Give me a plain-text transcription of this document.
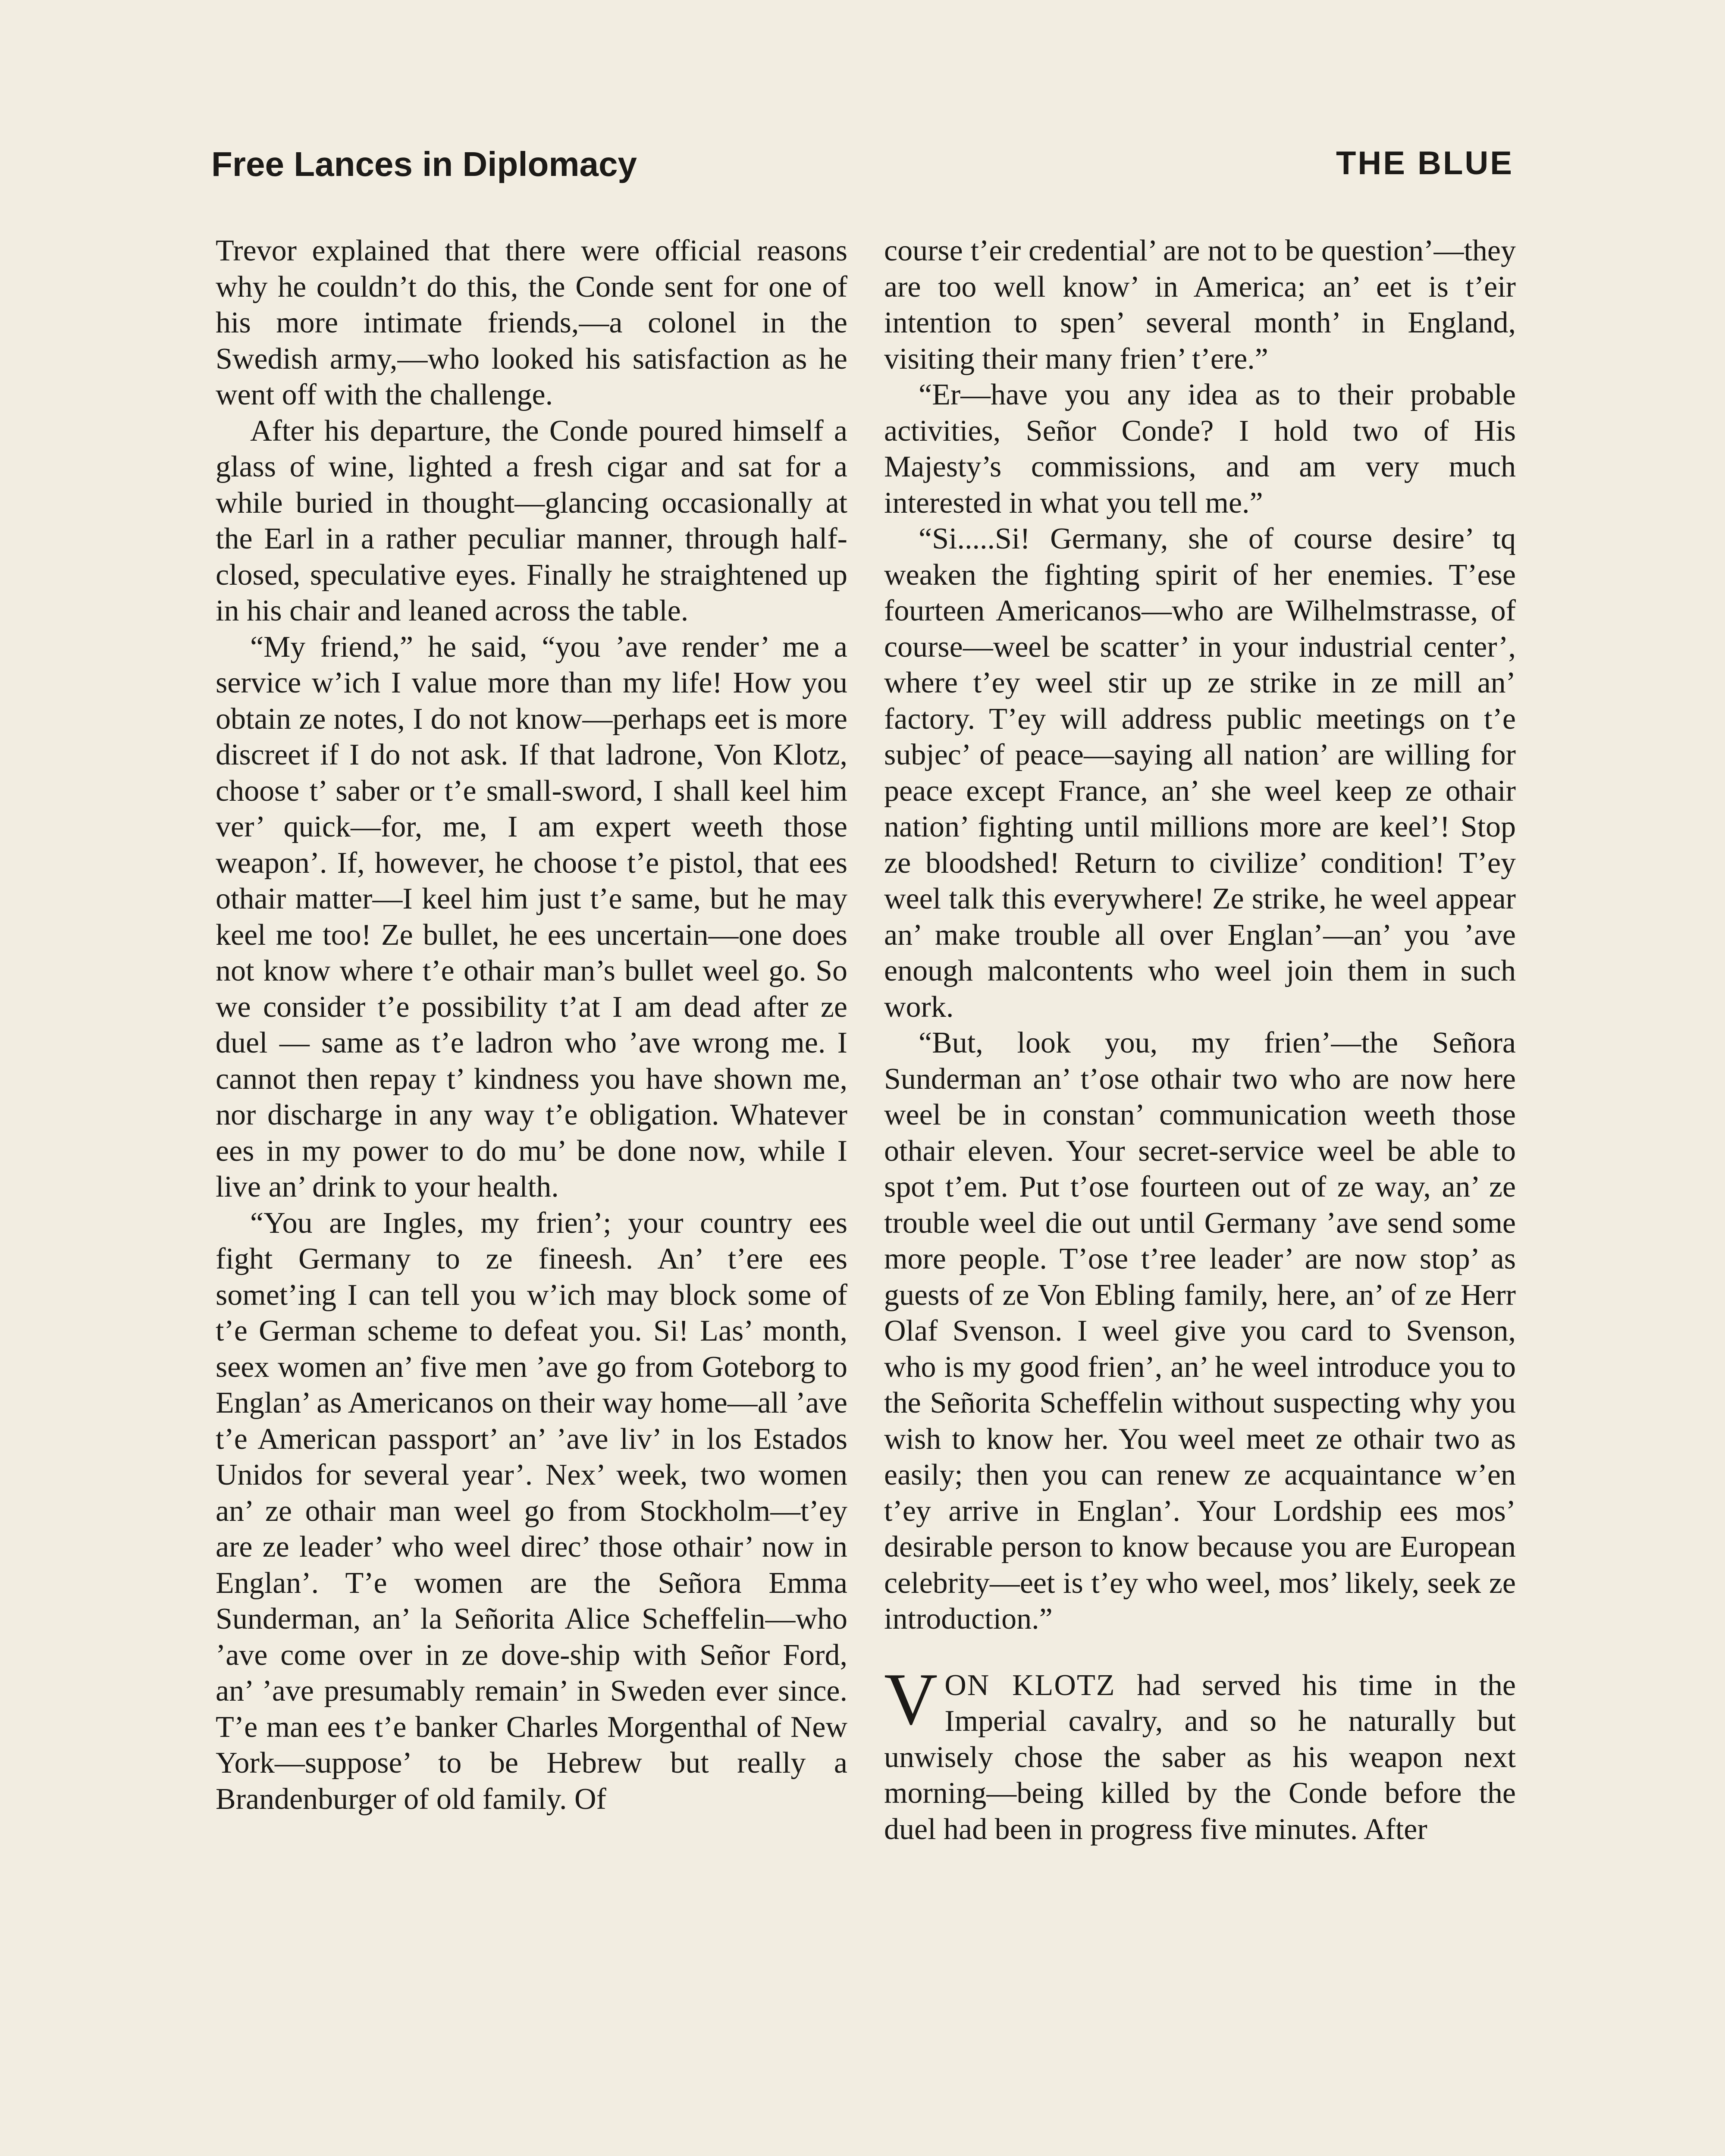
Free Lances in Diplomacy	THE BLUE

Trevor explained that there were official reasons why he couldn’t do this, the Conde sent for one of his more intimate friends,—a colonel in the Swedish army,—who looked his satisfaction as he went off with the challenge.

After his departure, the Conde poured himself a glass of wine, lighted a fresh cigar and sat for a while buried in thought—glancing occasionally at the Earl in a rather peculiar manner, through half-closed, speculative eyes. Finally he straightened up in his chair and leaned across the table.

“My friend,” he said, “you ’ave render’ me a service w’ich I value more than my life! How you obtain ze notes, I do not know—perhaps eet is more discreet if I do not ask. If that ladrone, Von Klotz, choose t’ saber or t’e small-sword, I shall keel him ver’ quick—for, me, I am expert weeth those weapon’. If, however, he choose t’e pistol, that ees othair matter—I keel him just t’e same, but he may keel me too! Ze bullet, he ees uncertain—one does not know where t’e othair man’s bullet weel go. So we consider t’e possibility t’at I am dead after ze duel — same as t’e ladron who ’ave wrong me. I cannot then repay t’ kindness you have shown me, nor discharge in any way t’e obligation. Whatever ees in my power to do mu’ be done now, while I live an’ drink to your health.

“You are Ingles, my frien’; your country ees fight Germany to ze fineesh. An’ t’ere ees somet’ing I can tell you w’ich may block some of t’e German scheme to defeat you. Si! Las’ month, seex women an’ five men ’ave go from Goteborg to Englan’ as Americanos on their way home—all ’ave t’e American passport’ an’ ’ave liv’ in los Estados Unidos for several year’. Nex’ week, two women an’ ze othair man weel go from Stockholm—t’ey are ze leader’ who weel direc’ those othair’ now in Englan’. T’e women are the Señora Emma Sunderman, an’ la Señorita Alice Scheffelin—who ’ave come over in ze dove-ship with Señor Ford, an’ ’ave presumably remain’ in Sweden ever since. T’e man ees t’e banker Charles Morgenthal of New York—suppose’ to be Hebrew but really a Brandenburger of old family. Of

course t’eir credential’ are not to be question’—they are too well know’ in America; an’ eet is t’eir intention to spen’ several month’ in England, visiting their many frien’ t’ere.”

“Er—have you any idea as to their probable activities, Señor Conde? I hold two of His Majesty’s commissions, and am very much interested in what you tell me.”

“Si.....Si! Germany, she of course desire’ tq weaken the fighting spirit of her enemies. T’ese fourteen Americanos—who are Wilhelmstrasse, of course—weel be scatter’ in your industrial center’, where t’ey weel stir up ze strike in ze mill an’ factory. T’ey will address public meetings on t’e subjec’ of peace—saying all nation’ are willing for peace except France, an’ she weel keep ze othair nation’ fighting until millions more are keel’! Stop ze bloodshed! Return to civilize’ condition! T’ey weel talk this everywhere! Ze strike, he weel appear an’ make trouble all over Englan’—an’ you ’ave enough malcontents who weel join them in such work.

“But, look you, my frien’—the Señora Sunderman an’ t’ose othair two who are now here weel be in constan’ communication weeth those othair eleven. Your secret-service weel be able to spot t’em. Put t’ose fourteen out of ze way, an’ ze trouble weel die out until Germany ’ave send some more people. T’ose t’ree leader’ are now stop’ as guests of ze Von Ebling family, here, an’ of ze Herr Olaf Svenson. I weel give you card to Svenson, who is my good frien’, an’ he weel introduce you to the Señorita Scheffelin without suspecting why you wish to know her. You weel meet ze othair two as easily; then you can renew ze acquaintance w’en t’ey arrive in Englan’. Your Lordship ees mos’ desirable person to know because you are European celebrity—eet is t’ey who weel, mos’ likely, seek ze introduction.”

VON KLOTZ had served his time in the Imperial cavalry, and so he naturally but unwisely chose the saber as his weapon next morning—being killed by the Conde before the duel had been in progress five minutes. After
